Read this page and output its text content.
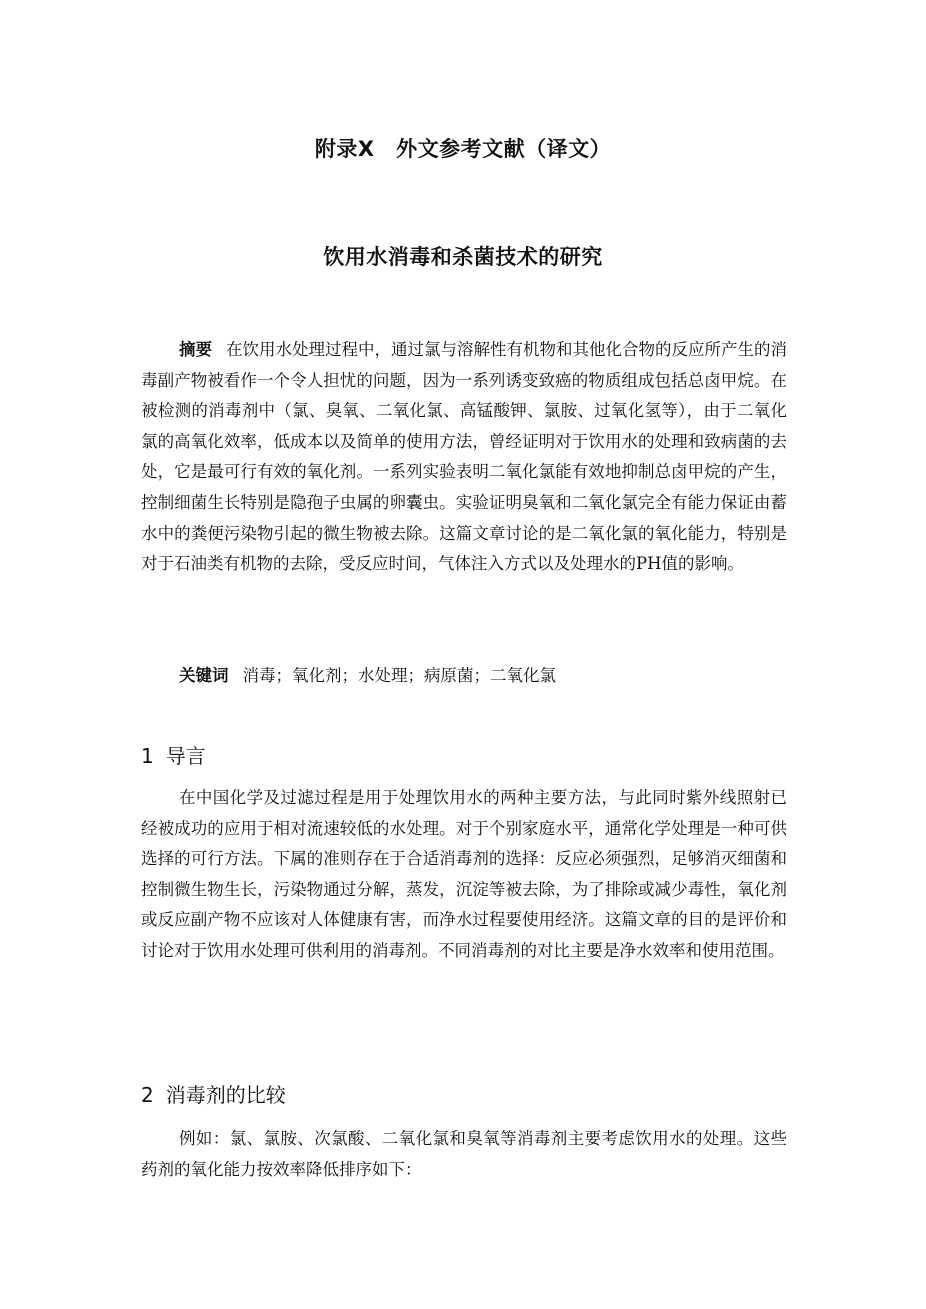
附录Ⅹ　外文参考文献（译文）
饮用水消毒和杀菌技术的研究

摘要 在饮用水处理过程中，通过氯与溶解性有机物和其他化合物的反应所产生的消毒副产物被看作一个令人担忧的问题，因为一系列诱变致癌的物质组成包括总卤甲烷。在被检测的消毒剂中（氯、臭氧、二氧化氯、高锰酸钾、氯胺、过氧化氢等），由于二氧化氯的高氧化效率，低成本以及简单的使用方法，曾经证明对于饮用水的处理和致病菌的去处，它是最可行有效的氧化剂。一系列实验表明二氧化氯能有效地抑制总卤甲烷的产生，控制细菌生长特别是隐孢子虫属的卵囊虫。实验证明臭氧和二氧化氯完全有能力保证由蓄水中的粪便污染物引起的微生物被去除。这篇文章讨论的是二氧化氯的氧化能力，特别是对于石油类有机物的去除，受反应时间，气体注入方式以及处理水的PH值的影响。

关键词 消毒；氧化剂；水处理；病原菌；二氧化氯

1 导言

在中国化学及过滤过程是用于处理饮用水的两种主要方法，与此同时紫外线照射已经被成功的应用于相对流速较低的水处理。对于个别家庭水平，通常化学处理是一种可供选择的可行方法。下属的准则存在于合适消毒剂的选择：反应必须强烈，足够消灭细菌和控制微生物生长，污染物通过分解，蒸发，沉淀等被去除，为了排除或减少毒性，氧化剂或反应副产物不应该对人体健康有害，而净水过程要使用经济。这篇文章的目的是评价和讨论对于饮用水处理可供利用的消毒剂。不同消毒剂的对比主要是净水效率和使用范围。

2 消毒剂的比较

例如：氯、氯胺、次氯酸、二氧化氯和臭氧等消毒剂主要考虑饮用水的处理。这些药剂的氧化能力按效率降低排序如下：
